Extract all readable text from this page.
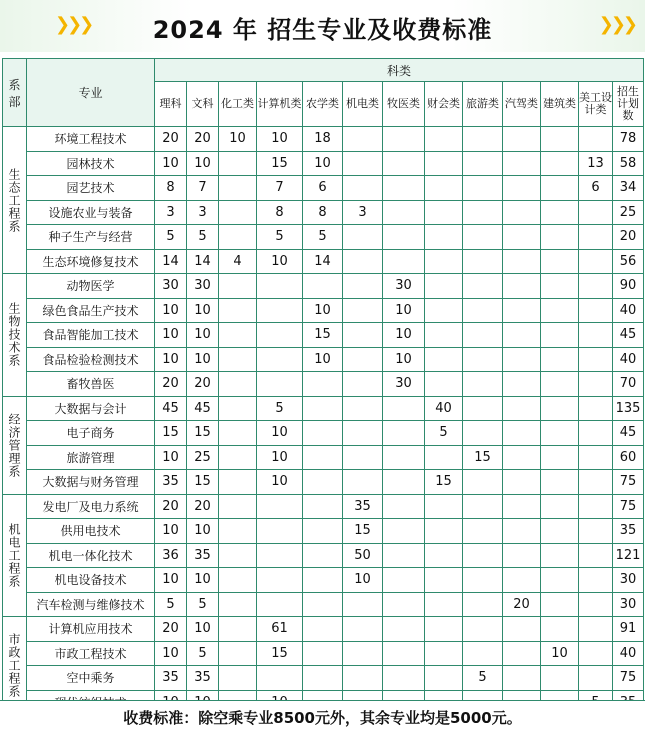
❯❯❯	2024 年 招生专业及收费标准	❯❯❯
系部	专业	科类												
		理科	文科	化工类	计算机类	农学类	机电类	牧医类	财会类	旅游类	汽驾类	建筑类	美工设计类	招生计划数
生态工程系	环境工程技术	20	20	10	10	18								78
	园林技术	10	10		15	10							13	58
	园艺技术	8	7		7	6							6	34
	设施农业与装备	3	3		8	8	3							25
	种子生产与经营	5	5		5	5								20
	生态环境修复技术	14	14	4	10	14								56
生物技术系	动物医学	30	30					30						90
	绿色食品生产技术	10	10			10		10						40
	食品智能加工技术	10	10			15		10						45
	食品检验检测技术	10	10			10		10						40
	畜牧兽医	20	20					30						70
经济管理系	大数据与会计	45	45		5				40					135
	电子商务	15	15		10				5					45
	旅游管理	10	25		10					15				60
	大数据与财务管理	35	15		10				15					75
机电工程系	发电厂及电力系统	20	20				35							75
	供用电技术	10	10				15							35
	机电一体化技术	36	35				50							121
	机电设备技术	10	10				10							30
	汽车检测与维修技术	5	5								20			30
市政工程系	计算机应用技术	20	10		61									91
	市政工程技术	10	5		15							10		40
	空中乘务	35	35							5				75

收费标准：除空乘专业8500元外，其余专业均是5000元。
